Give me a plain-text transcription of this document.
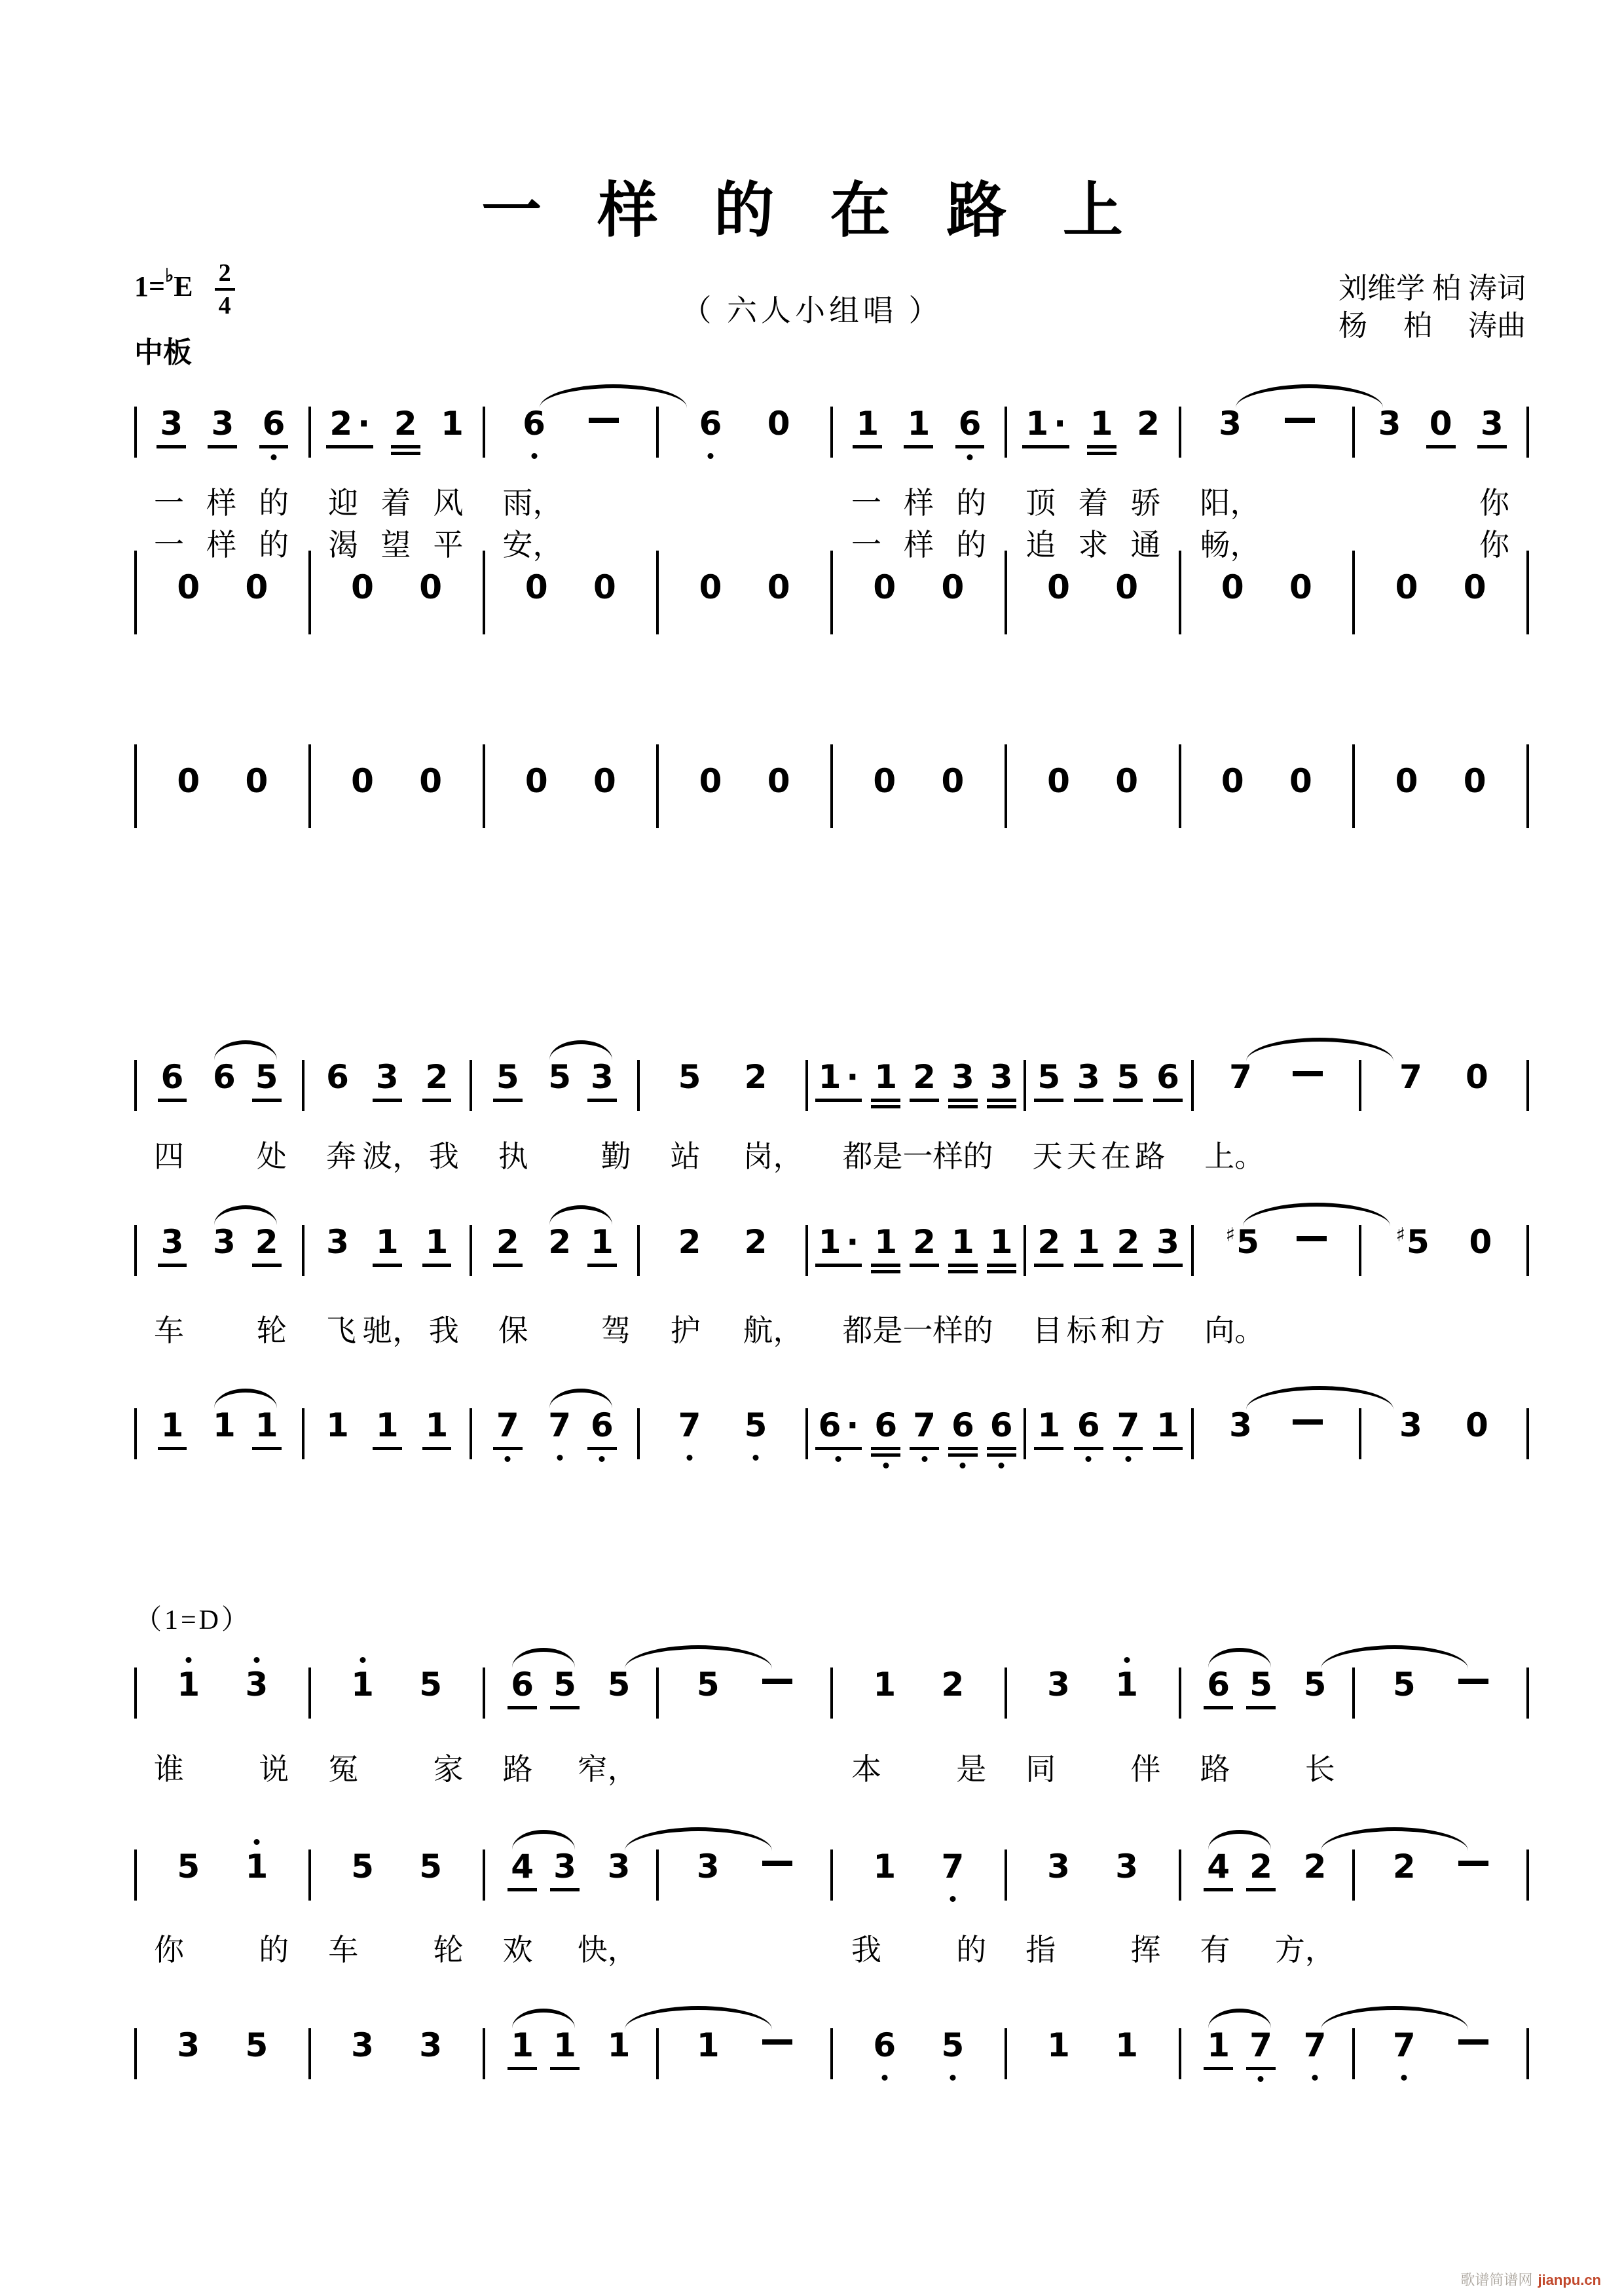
一 样 的 在 路 上
（ 六人小组唱 ）
$1=^♭E \frac{2}{4}$
中板
刘维学 柏 涛词
杨　 柏　 涛曲
3 3 6 2 · 2 1 6	6 0 1 1 6 1 · 1 2 3	3 0 3
一 样 的 迎 着 风 雨，	一 样 的 顶 着 骄 阳，	你
一 样 的 渴 望 平 安，	一 样 的 追 求 通 畅，	你
0 0	0 0	0 0	0 0	0 0	0 0	0 0	0 0
0 0	0 0	0 0	0 0	0 0	0 0	0 0	0 0
6 6 5 6 3 2 5 5 3 5 2 1 · 1 2 3 3 5 3 5 6 7	7 0
四 处 奔 波， 我 执 勤 站 岗， 都 是 一样的 天 天 在 路 上。
3 3 2 3 1 1 2 2 1 2 2 1 · 1 2 1 1 2 1 2 3 ♯5	♯5 0
车 轮 飞 驰， 我 保 驾 护 航， 都 是 一样的 目 标 和 方 向。
1 1 1 1 1 1 7 7 6 7 5 6 · 6 7 6 6 1 6 7 1 3	3 0
（1=D）
1 3	1 5 6 5 5 5	1 2	3 1 6 5 5 5
谁 说 冤 家 路 窄，	本 是 同 伴 路 长
5 1	5 5 4 3 3 3	1 7	3 3 4 2 2 2
你 的 车 轮 欢 快，	我 的 指 挥 有 方，
3 5	3 3 1 1 1 1	6 5	1 1 1 7 7 7
歌谱简谱网 jianpu.cn
